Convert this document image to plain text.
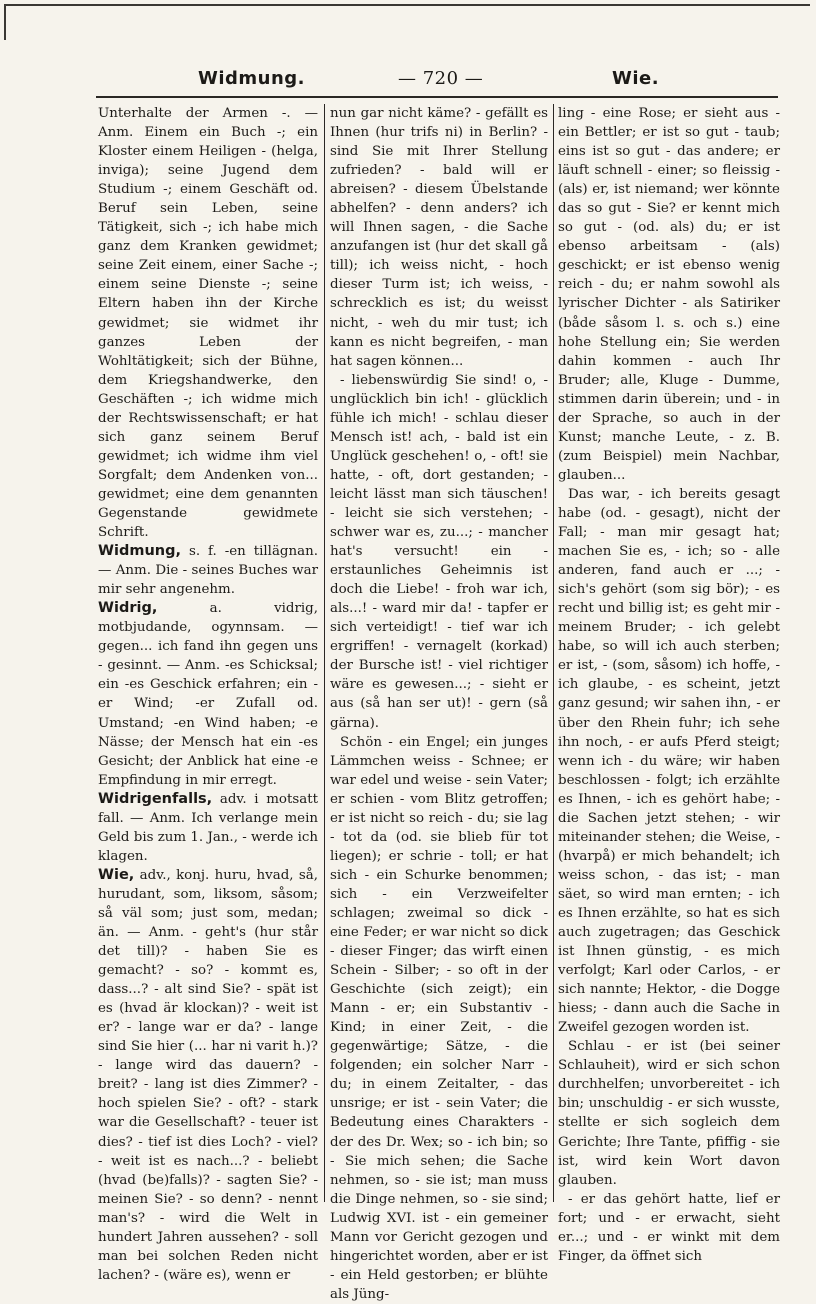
Widmung.	— 720 —	Wie.

Unterhalte der Armen -. — Anm. Einem ein Buch -; ein Kloster einem Heiligen - (helga, inviga); seine Jugend dem Studium -; einem Geschäft od. Beruf sein Leben, seine Tätigkeit, sich -; ich habe mich ganz dem Kranken gewidmet; seine Zeit einem, einer Sache -; einem seine Dienste -; seine Eltern haben ihn der Kirche gewidmet; sie widmet ihr ganzes Leben der Wohltätigkeit; sich der Bühne, dem Kriegshandwerke, den Geschäften -; ich widme mich der Rechtswissenschaft; er hat sich ganz seinem Beruf gewidmet; ich widme ihm viel Sorgfalt; dem Andenken von... gewidmet; eine dem genannten Gegenstande gewidmete Schrift.

Widmung, s. f. -en tillägnan. — Anm. Die - seines Buches war mir sehr angenehm.

Widrig, a. vidrig, motbjudande, ogynnsam. — gegen... ich fand ihn gegen uns - gesinnt. — Anm. -es Schicksal; ein -es Geschick erfahren; ein -er Wind; -er Zufall od. Umstand; -en Wind haben; -e Nässe; der Mensch hat ein -es Gesicht; der Anblick hat eine -e Empfindung in mir erregt.

Widrigenfalls, adv. i motsatt fall. — Anm. Ich verlange mein Geld bis zum 1. Jan., - werde ich klagen.

Wie, adv., konj. huru, hvad, så, hurudant, som, liksom, såsom; så väl som; just som, medan; än. — Anm. - geht's (hur står det till)? - haben Sie es gemacht? - so? - kommt es, dass...? - alt sind Sie? - spät ist es (hvad är klockan)? - weit ist er? - lange war er da? - lange sind Sie hier (... har ni varit h.)? - lange wird das dauern? - breit? - lang ist dies Zimmer? - hoch spielen Sie? - oft? - stark war die Gesellschaft? - teuer ist dies? - tief ist dies Loch? - viel? - weit ist es nach...? - beliebt (hvad (be)falls)? - sagten Sie? - meinen Sie? - so denn? - nennt man's? - wird die Welt in hundert Jahren aussehen? - soll man bei solchen Reden nicht lachen? - (wäre es), wenn er

nun gar nicht käme? - gefällt es Ihnen (hur trifs ni) in Berlin? - sind Sie mit Ihrer Stellung zufrieden? - bald will er abreisen? - diesem Übelstande abhelfen? - denn anders? ich will Ihnen sagen, - die Sache anzufangen ist (hur det skall gå till); ich weiss nicht, - hoch dieser Turm ist; ich weiss, - schrecklich es ist; du weisst nicht, - weh du mir tust; ich kann es nicht begreifen, - man hat sagen können...

- liebenswürdig Sie sind! o, - unglücklich bin ich! - glücklich fühle ich mich! - schlau dieser Mensch ist! ach, - bald ist ein Unglück geschehen! o, - oft! sie hatte, - oft, dort gestanden; - leicht lässt man sich täuschen! - leicht sie sich verstehen; - schwer war es, zu...; - mancher hat's versucht! ein - erstaunliches Geheimnis ist doch die Liebe! - froh war ich, als...! - ward mir da! - tapfer er sich verteidigt! - tief war ich ergriffen! - vernagelt (korkad) der Bursche ist! - viel richtiger wäre es gewesen...; - sieht er aus (så han ser ut)! - gern (så gärna).

Schön - ein Engel; ein junges Lämmchen weiss - Schnee; er war edel und weise - sein Vater; er schien - vom Blitz getroffen; er ist nicht so reich - du; sie lag - tot da (od. sie blieb für tot liegen); er schrie - toll; er hat sich - ein Schurke benommen; sich - ein Verzweifelter schlagen; zweimal so dick - eine Feder; er war nicht so dick - dieser Finger; das wirft einen Schein - Silber; - so oft in der Geschichte (sich zeigt); ein Mann - er; ein Substantiv - Kind; in einer Zeit, - die gegenwärtige; Sätze, - die folgenden; ein solcher Narr - du; in einem Zeitalter, - das unsrige; er ist - sein Vater; die Bedeutung eines Charakters - der des Dr. Wex; so - ich bin; so - Sie mich sehen; die Sache nehmen, so - sie ist; man muss die Dinge nehmen, so - sie sind; Ludwig XVI. ist - ein gemeiner Mann vor Gericht gezogen und hingerichtet worden, aber er ist - ein Held gestorben; er blühte als Jüng-

ling - eine Rose; er sieht aus - ein Bettler; er ist so gut - taub; eins ist so gut - das andere; er läuft schnell - einer; so fleissig - (als) er, ist niemand; wer könnte das so gut - Sie? er kennt mich so gut - (od. als) du; er ist ebenso arbeitsam - (als) geschickt; er ist ebenso wenig reich - du; er nahm sowohl als lyrischer Dichter - als Satiriker (både såsom l. s. och s.) eine hohe Stellung ein; Sie werden dahin kommen - auch Ihr Bruder; alle, Kluge - Dumme, stimmen darin überein; und - in der Sprache, so auch in der Kunst; manche Leute, - z. B. (zum Beispiel) mein Nachbar, glauben...

Das war, - ich bereits gesagt habe (od. - gesagt), nicht der Fall; - man mir gesagt hat; machen Sie es, - ich; so - alle anderen, fand auch er ...; - sich's gehört (som sig bör); - es recht und billig ist; es geht mir - meinem Bruder; - ich gelebt habe, so will ich auch sterben; er ist, - (som, såsom) ich hoffe, - ich glaube, - es scheint, jetzt ganz gesund; wir sahen ihn, - er über den Rhein fuhr; ich sehe ihn noch, - er aufs Pferd steigt; wenn ich - du wäre; wir haben beschlossen - folgt; ich erzählte es Ihnen, - ich es gehört habe; - die Sachen jetzt stehen; - wir miteinander stehen; die Weise, - (hvarpå) er mich behandelt; ich weiss schon, - das ist; - man säet, so wird man ernten; - ich es Ihnen erzählte, so hat es sich auch zugetragen; das Geschick ist Ihnen günstig, - es mich verfolgt; Karl oder Carlos, - er sich nannte; Hektor, - die Dogge hiess; - dann auch die Sache in Zweifel gezogen worden ist.

Schlau - er ist (bei seiner Schlauheit), wird er sich schon durchhelfen; unvorbereitet - ich bin; unschuldig - er sich wusste, stellte er sich sogleich dem Gerichte; Ihre Tante, pfiffig - sie ist, wird kein Wort davon glauben.

- er das gehört hatte, lief er fort; und - er erwacht, sieht er...; und - er winkt mit dem Finger, da öffnet sich
